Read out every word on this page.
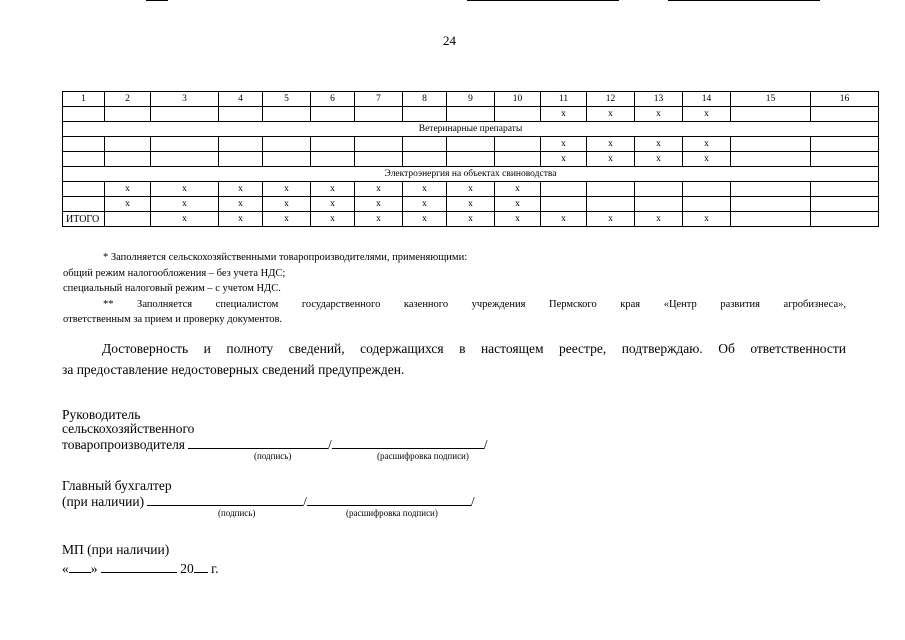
24
1	2	3	4	5	6	7	8	9	10	11	12	13	14	15	16
										x	x	x	x		
Ветеринарные препараты															
										x	x	x	x		
										x	x	x	x		
Электроэнергия на объектах свиноводства															
	x	x	x	x	x	x	x	x	x						
	x	x	x	x	x	x	x	x	x						
ИТОГО		x	x	x	x	x	x	x	x	x	x	x	x		

* Заполняется сельскохозяйственными товаропроизводителями, применяющими:

общий режим налогообложения – без учета НДС;

специальный налоговый режим – с учетом НДС.

** Заполняется специалистом государственного казенного учреждения Пермского края «Центр развития агробизнеса»,

ответственным за прием и проверку документов.

Достоверность и полноту сведений, содержащихся в настоящем реестре, подтверждаю. Об ответственности

за предоставление недостоверных сведений предупрежден.

Руководитель

сельскохозяйственного

товаропроизводителя	/	/

(подпись)	(расшифровка подписи)

Главный бухгалтер

(при наличии)	/	/

(подпись)	(расшифровка подписи)

МП (при наличии)

« »	20 г.
